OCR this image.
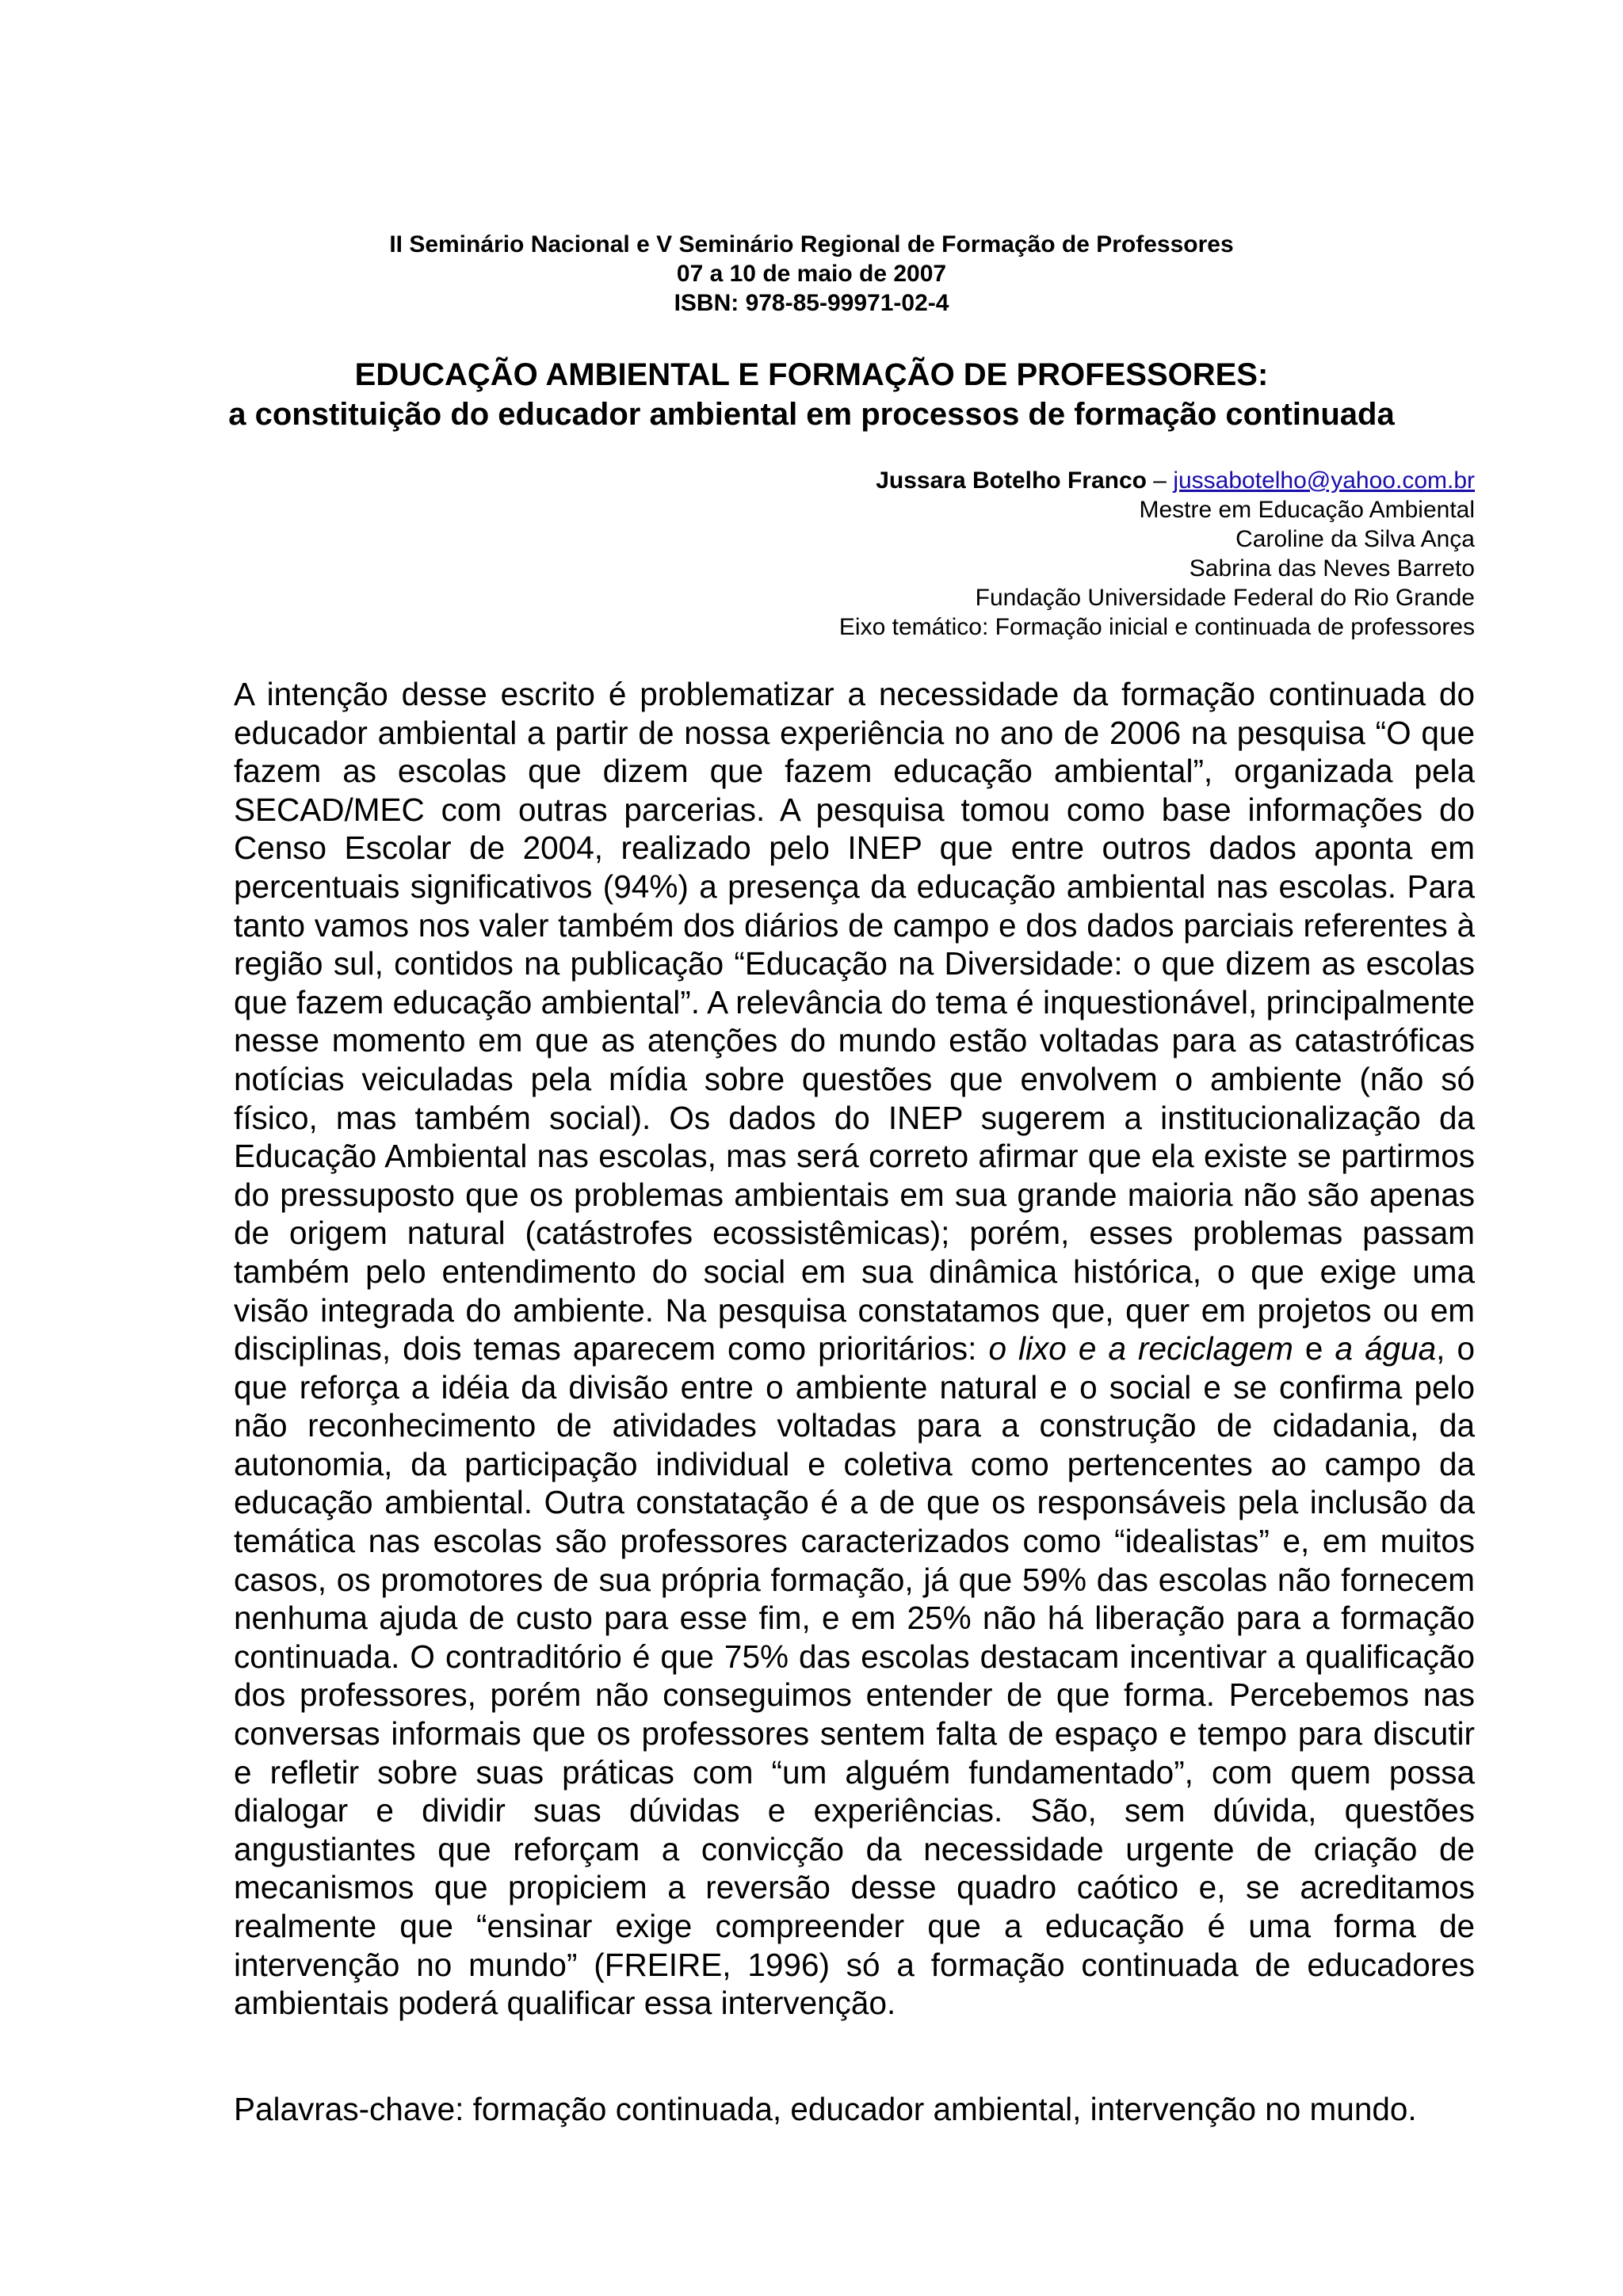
II Seminário Nacional e V Seminário Regional de Formação de Professores
07 a 10 de maio de 2007
ISBN: 978-85-99971-02-4
EDUCAÇÃO AMBIENTAL E FORMAÇÃO DE PROFESSORES:
a constituição do educador ambiental em processos de formação continuada
Jussara Botelho Franco – jussabotelho@yahoo.com.br
Mestre em Educação Ambiental
Caroline da Silva Ança
Sabrina das Neves Barreto
Fundação Universidade Federal do Rio Grande
Eixo temático: Formação inicial e continuada de professores

A intenção desse escrito é problematizar a necessidade da formação continuada do educador ambiental a partir de nossa experiência no ano de 2006 na pesquisa “O que fazem as escolas que dizem que fazem educação ambiental”, organizada pela SECAD/MEC com outras parcerias. A pesquisa tomou como base informações do Censo Escolar de 2004, realizado pelo INEP que entre outros dados aponta em percentuais significativos (94%) a presença da educação ambiental nas escolas. Para tanto vamos nos valer também dos diários de campo e dos dados parciais referentes à região sul, contidos na publicação “Educação na Diversidade: o que dizem as escolas que fazem educação ambiental”. A relevância do tema é inquestionável, principalmente nesse momento em que as atenções do mundo estão voltadas para as catastróficas notícias veiculadas pela mídia sobre questões que envolvem o ambiente (não só físico, mas também social). Os dados do INEP sugerem a institucionalização da Educação Ambiental nas escolas, mas será correto afirmar que ela existe se partirmos do pressuposto que os problemas ambientais em sua grande maioria não são apenas de origem natural (catástrofes ecossistêmicas); porém, esses problemas passam também pelo entendimento do social em sua dinâmica histórica, o que exige uma visão integrada do ambiente. Na pesquisa constatamos que, quer em projetos ou em disciplinas, dois temas aparecem como prioritários: o lixo e a reciclagem e a água, o que reforça a idéia da divisão entre o ambiente natural e o social e se confirma pelo não reconhecimento de atividades voltadas para a construção de cidadania, da autonomia, da participação individual e coletiva como pertencentes ao campo da educação ambiental. Outra constatação é a de que os responsáveis pela inclusão da temática nas escolas são professores caracterizados como “idealistas” e, em muitos casos, os promotores de sua própria formação, já que 59% das escolas não fornecem nenhuma ajuda de custo para esse fim, e em 25% não há liberação para a formação continuada. O contraditório é que 75% das escolas destacam incentivar a qualificação dos professores, porém não conseguimos entender de que forma. Percebemos nas conversas informais que os professores sentem falta de espaço e tempo para discutir e refletir sobre suas práticas com “um alguém fundamentado”, com quem possa dialogar e dividir suas dúvidas e experiências. São, sem dúvida, questões angustiantes que reforçam a convicção da necessidade urgente de criação de mecanismos que propiciem a reversão desse quadro caótico e, se acreditamos realmente que “ensinar exige compreender que a educação é uma forma de intervenção no mundo” (FREIRE, 1996) só a formação continuada de educadores ambientais poderá qualificar essa intervenção.

Palavras-chave: formação continuada, educador ambiental, intervenção no mundo.
